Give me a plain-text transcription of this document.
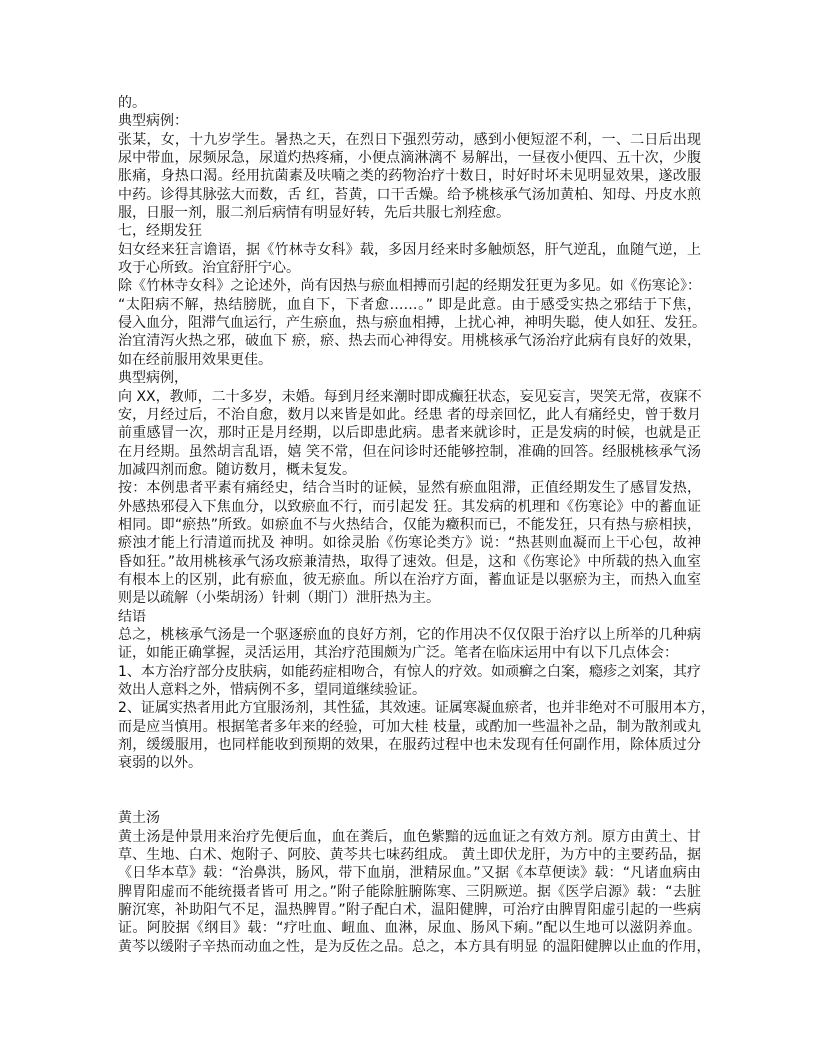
的。
典型病例：
张某，女，十九岁学生。暑热之天，在烈日下强烈劳动，感到小便短涩不利，一、二日后出现
尿中带血，尿频尿急，尿道灼热疼痛，小便点滴淋漓不 易解出，一昼夜小便四、五十次，少腹
胀痛，身热口渴。经用抗菌素及呋喃之类的药物治疗十数日，时好时坏未见明显效果，遂改服
中药。诊得其脉弦大而数，舌 红，苔黄，口干舌燥。给予桃核承气汤加黄柏、知母、丹皮水煎
服，日服一剂，服二剂后病情有明显好转，先后共服七剂痊愈。
七，经期发狂
妇女经来狂言谵语，据《竹林寺女科》载，多因月经来时多触烦怒，肝气逆乱，血随气逆，上
攻于心所致。治宜舒肝宁心。
除《竹林寺女科》之论述外，尚有因热与瘀血相搏而引起的经期发狂更为多见。如《伤寒论》：
“太阳病不解，热结膀胱，血自下，下者愈……。” 即是此意。由于感受实热之邪结于下焦，
侵入血分，阻滞气血运行，产生瘀血，热与瘀血相搏，上扰心神，神明失聪，使人如狂、发狂。
治宜清泻火热之邪，破血下 瘀，瘀、热去而心神得安。用桃核承气汤治疗此病有良好的效果，
如在经前服用效果更佳。
典型病例，
向 XX，教师，二十多岁，未婚。每到月经来潮时即成癫狂状态，妄见妄言，哭笑无常，夜寐不
安，月经过后，不治自愈，数月以来皆是如此。经患 者的母亲回忆，此人有痛经史，曾于数月
前重感冒一次，那时正是月经期，以后即患此病。患者来就诊时，正是发病的时候，也就是正
在月经期。虽然胡言乱语，嬉 笑不常，但在问诊时还能够控制，准确的回答。经服桃核承气汤
加减四剂而愈。随访数月，概未复发。
按：本例患者平素有痛经史，结合当时的证候，显然有瘀血阻滞，正值经期发生了感冒发热，
外感热邪侵入下焦血分，以致瘀血不行，而引起发 狂。其发病的机理和《伤寒论》中的蓄血证
相同。即“瘀热”所致。如瘀血不与火热结合，仅能为癥积而已，不能发狂，只有热与瘀相挟，
瘀浊才能上行清道而扰及 神明。如徐灵胎《伤寒论类方》说：“热甚则血凝而上干心包，故神
昏如狂。”故用桃核承气汤攻瘀兼清热，取得了速效。但是，这和《伤寒论》中所载的热入血室
有根本上的区别，此有瘀血，彼无瘀血。所以在治疗方面，蓄血证是以驱瘀为主，而热入血室
则是以疏解（小柴胡汤）针刺（期门）泄肝热为主。
结语
总之，桃核承气汤是一个驱逐瘀血的良好方剂，它的作用决不仅仅限于治疗以上所举的几种病
证，如能正确掌握，灵活运用，其治疗范围颇为广泛。笔者在临床运用中有以下几点体会：
1、本方治疗部分皮肤病，如能药症相吻合，有惊人的疗效。如顽癣之白案，瘾疹之刘案，其疗
效出人意料之外，惜病例不多，望同道继续验证。
2、证属实热者用此方宜服汤剂，其性猛，其效速。证属寒凝血瘀者，也并非绝对不可服用本方，
而是应当慎用。根据笔者多年来的经验，可加大桂 枝量，或酌加一些温补之品，制为散剂或丸
剂，缓缓服用，也同样能收到预期的效果，在服药过程中也未发现有任何副作用，除体质过分
衰弱的以外。
黄土汤
黄土汤是仲景用来治疗先便后血，血在粪后，血色紫黯的远血证之有效方剂。原方由黄土、甘
草、生地、白术、炮附子、阿胶、黄芩共七味药组成。 黄土即伏龙肝，为方中的主要药品，据
《日华本草》载：“治鼻洪，肠风，带下血崩，泄精尿血。”又据《本草便读》载：“凡诸血病由
脾胃阳虚而不能统摄者皆可 用之。”附子能除脏腑陈寒、三阴厥逆。据《医学启源》载：“去脏
腑沉寒，补助阳气不足，温热脾胃。”附子配白术，温阳健脾，可治疗由脾胃阳虚引起的一些病
证。阿胶据《纲目》载：“疗吐血、衄血、血淋，尿血、肠风下痢。”配以生地可以滋阴养血。
黄芩以缓附子辛热而动血之性，是为反佐之品。总之，本方具有明显 的温阳健脾以止血的作用，
